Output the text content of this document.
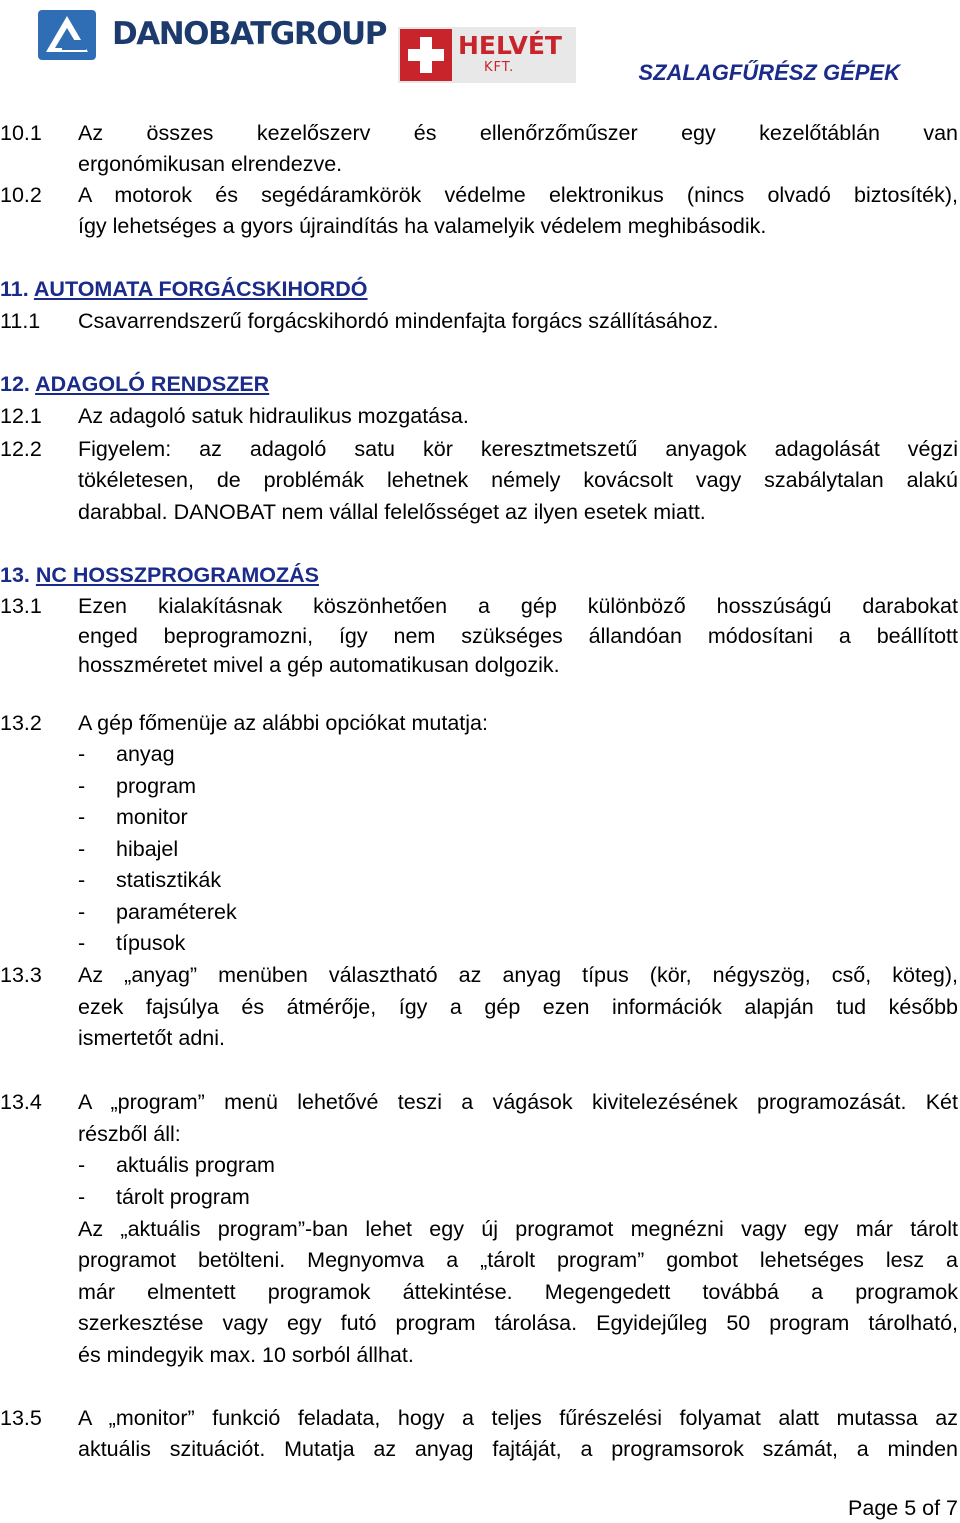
DANOBATGROUP	HELVÉT
KFT.	SZALAGFŰRÉSZ GÉPEK
10.1 Az összes kezelőszerv és ellenőrzőműszer egy kezelőtáblán van
ergonómikusan elrendezve.
10.2 A motorok és segédáramkörök védelme elektronikus (nincs olvadó biztosíték),
így lehetséges a gyors újraindítás ha valamelyik védelem meghibásodik.
11. AUTOMATA FORGÁCSKIHORDÓ
11.1 Csavarrendszerű forgácskihordó mindenfajta forgács szállításához.
12. ADAGOLÓ RENDSZER
12.1 Az adagoló satuk hidraulikus mozgatása.
12.2 Figyelem: az adagoló satu kör keresztmetszetű anyagok adagolását végzi
tökéletesen, de problémák lehetnek némely kovácsolt vagy szabálytalan alakú
darabbal. DANOBAT nem vállal felelősséget az ilyen esetek miatt.
13. NC HOSSZPROGRAMOZÁS
13.1 Ezen kialakításnak köszönhetően a gép különböző hosszúságú darabokat
enged beprogramozni, így nem szükséges állandóan módosítani a beállított
hosszméretet mivel a gép automatikusan dolgozik.
13.2 A gép főmenüje az alábbi opciókat mutatja:
- anyag
- program
- monitor
- hibajel
- statisztikák
- paraméterek
- típusok
13.3 Az „anyag” menüben választható az anyag típus (kör, négyszög, cső, köteg),
ezek fajsúlya és átmérője, így a gép ezen információk alapján tud később
ismertetőt adni.
13.4 A „program” menü lehetővé teszi a vágások kivitelezésének programozását. Két
részből áll:
- aktuális program
- tárolt program
Az „aktuális program”-ban lehet egy új programot megnézni vagy egy már tárolt
programot betölteni. Megnyomva a „tárolt program” gombot lehetséges lesz a
már elmentett programok áttekintése. Megengedett továbbá a programok
szerkesztése vagy egy futó program tárolása. Egyidejűleg 50 program tárolható,
és mindegyik max. 10 sorból állhat.
13.5 A „monitor” funkció feladata, hogy a teljes fűrészelési folyamat alatt mutassa az
aktuális szituációt. Mutatja az anyag fajtáját, a programsorok számát, a minden
Page 5 of 7
